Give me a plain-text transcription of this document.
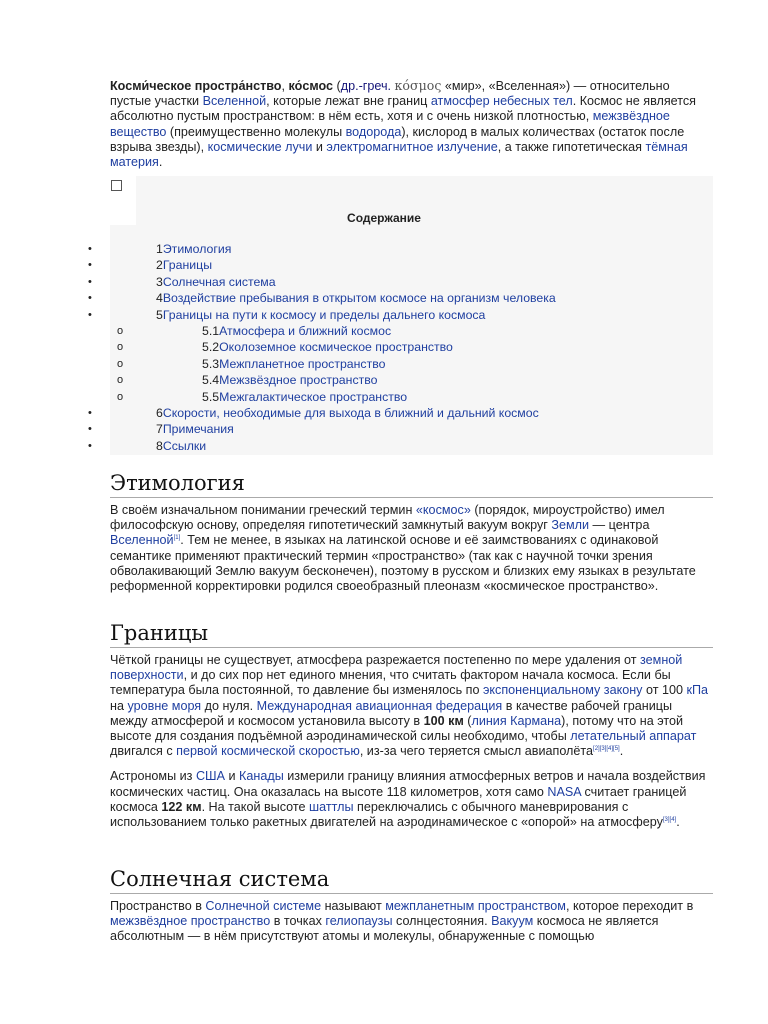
Косми́ческое простра́нство, ко́смос (др.-греч. κόσμος «мир», «Вселенная») — относительно пустые участки Вселенной, которые лежат вне границ атмосфер небесных тел. Космос не является абсолютно пустым пространством: в нём есть, хотя и с очень низкой плотностью, межзвёздное вещество (преимущественно молекулы водорода), кислород в малых количествах (остаток после взрыва звезды), космические лучи и электромагнитное излучение, а также гипотетическая тёмная материя.

Содержание
•	1Этимология
•	2Границы
•	3Солнечная система
•	4Воздействие пребывания в открытом космосе на организм человека
•	5Границы на пути к космосу и пределы дальнего космоса
o	5.1Атмосфера и ближний космос
o	5.2Околоземное космическое пространство
o	5.3Межпланетное пространство
o	5.4Межзвёздное пространство
o	5.5Межгалактическое пространство
•	6Скорости, необходимые для выхода в ближний и дальний космос
•	7Примечания
•	8Ссылки
Этимология

В своём изначальном понимании греческий термин «космос» (порядок, мироустройство) имел философскую основу, определяя гипотетический замкнутый вакуум вокруг Земли — центра Вселенной[1]. Тем не менее, в языках на латинской основе и её заимствованиях с одинаковой семантике применяют практический термин «пространство» (так как с научной точки зрения обволакивающий Землю вакуум бесконечен), поэтому в русском и близких ему языках в результате реформенной корректировки родился своеобразный плеоназм «космическое пространство».

Границы

Чёткой границы не существует, атмосфера разрежается постепенно по мере удаления от земной поверхности, и до сих пор нет единого мнения, что считать фактором начала космоса. Если бы температура была постоянной, то давление бы изменялось по экспоненциальному закону от 100 кПа на уровне моря до нуля. Международная авиационная федерация в качестве рабочей границы между атмосферой и космосом установила высоту в 100 км (линия Кармана), потому что на этой высоте для создания подъёмной аэродинамической силы необходимо, чтобы летательный аппарат двигался с первой космической скоростью, из-за чего теряется смысл авиаполёта[2][3][4][5].

Астрономы из США и Канады измерили границу влияния атмосферных ветров и начала воздействия космических частиц. Она оказалась на высоте 118 километров, хотя само NASA считает границей космоса 122 км. На такой высоте шаттлы переключались с обычного маневрирования с использованием только ракетных двигателей на аэродинамическое с «опорой» на атмосферу[3][4].

Солнечная система

Пространство в Солнечной системе называют межпланетным пространством, которое переходит в межзвёздное пространство в точках гелиопаузы солнцестояния. Вакуум космоса не является абсолютным — в нём присутствуют атомы и молекулы, обнаруженные с помощью
